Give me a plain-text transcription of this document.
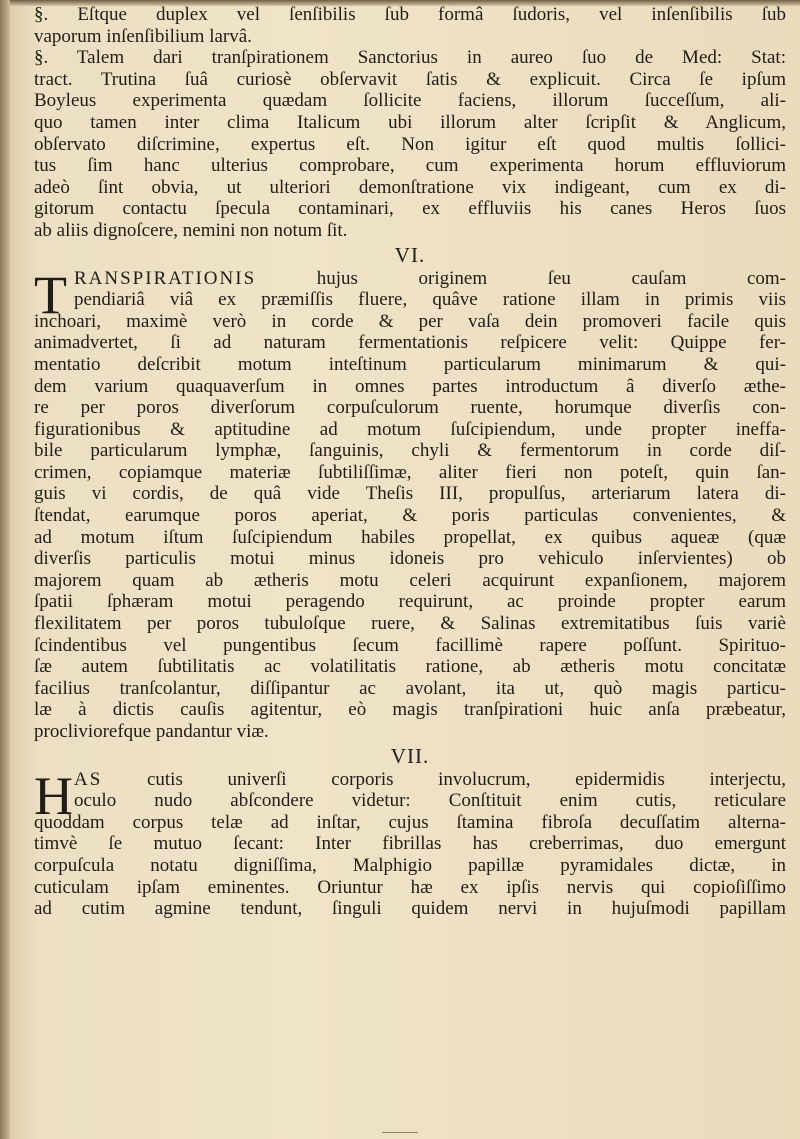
§. Eſtque duplex vel ſenſibilis ſub formâ ſudoris, vel inſenſibilis ſub
vaporum inſenſibilium larvâ.
§. Talem dari tranſpirationem Sanctorius in aureo ſuo de Med: Stat:
tract. Trutina ſuâ curiosè obſervavit ſatis & explicuit. Circa ſe ipſum
Boyleus experimenta quædam ſollicite faciens, illorum ſucceſſum, ali-
quo tamen inter clima Italicum ubi illorum alter ſcripſit & Anglicum,
obſervato diſcrimine, expertus eſt. Non igitur eſt quod multis ſollici-
tus ſim hanc ulterius comprobare, cum experimenta horum effluviorum
adeò ſint obvia, ut ulteriori demonſtratione vix indigeant, cum ex di-
gitorum contactu ſpecula contaminari, ex effluviis his canes Heros ſuos
ab aliis dignoſcere, nemini non notum ſit.
VI.
T RANSPIRATIONIS	hujus originem ſeu cauſam com-
pendiariâ viâ ex præmiſſis fluere, quâve ratione illam in primis viis
inchoari, maximè verò in corde & per vaſa dein promoveri facile quis
animadvertet, ſi ad naturam fermentationis reſpicere velit: Quippe fer-
mentatio deſcribit motum inteſtinum particularum minimarum & qui-
dem varium quaquaverſum in omnes partes introductum â diverſo æthe-
re per poros diverſorum corpuſculorum ruente, horumque diverſis con-
figurationibus & aptitudine ad motum ſuſcipiendum, unde propter ineffa-
bile particularum lymphæ, ſanguinis, chyli & fermentorum in corde diſ-
crimen, copiamque materiæ ſubtiliſſimæ, aliter fieri non poteſt, quin ſan-
guis vi cordis, de quâ vide Theſis III, propulſus, arteriarum latera di-
ſtendat, earumque poros aperiat, & poris particulas convenientes, &
ad motum iſtum ſuſcipiendum habiles propellat, ex quibus aqueæ (quæ
diverſis particulis motui minus idoneis pro vehiculo inſervientes) ob
majorem quam ab ætheris motu celeri acquirunt expanſionem, majorem
ſpatii ſphæram motui peragendo requirunt, ac proinde propter earum
flexilitatem per poros tubuloſque ruere, & Salinas extremitatibus ſuis variè
ſcindentibus vel pungentibus ſecum facillimè rapere poſſunt. Spirituo-
ſæ autem ſubtilitatis ac volatilitatis ratione, ab ætheris motu concitatæ
facilius tranſcolantur, diſſipantur ac avolant, ita ut, quò magis particu-
læ à dictis cauſis agitentur, eò magis tranſpirationi huic anſa præbeatur,
procliviorefque pandantur viæ.
VII.
H AS cutis univerſi corporis involucrum, epidermidis interjectu,
oculo nudo abſcondere videtur: Conſtituit enim cutis, reticulare
quoddam corpus telæ ad inſtar, cujus ſtamina fibroſa decuſſatim alterna-
timvè ſe mutuo ſecant: Inter fibrillas has creberrimas, duo emergunt
corpuſcula notatu digniſſima, Malphigio papillæ pyramidales dictæ, in
cuticulam ipſam eminentes. Oriuntur hæ ex ipſis nervis qui copioſiſſimo
ad cutim agmine tendunt, ſinguli quidem nervi in hujuſmodi papillam
